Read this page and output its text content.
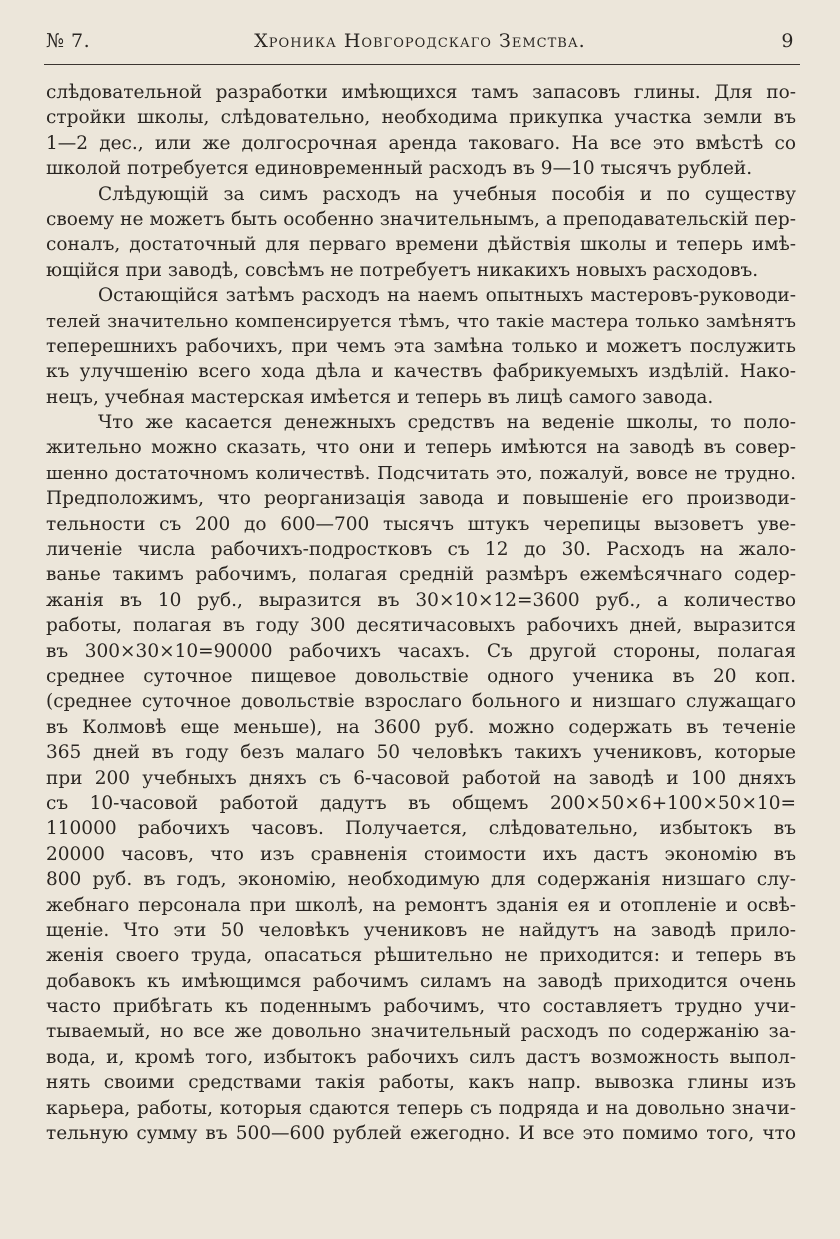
№ 7.	Хроника Новгородскаго Земства.	9
слѣдовательной разработки имѣющихся тамъ запасовъ глины. Для по-
стройки школы, слѣдовательно, необходима прикупка участка земли въ
1—2 дес., или же долгосрочная аренда таковаго. На все это вмѣстѣ со
школой потребуется единовременный расходъ въ 9—10 тысячъ рублей.
Слѣдующій за симъ расходъ на учебныя пособія и по существу
своему не можетъ быть особенно значительнымъ, а преподавательскій пер-
соналъ, достаточный для перваго времени дѣйствія школы и теперь имѣ-
ющійся при заводѣ, совсѣмъ не потребуетъ никакихъ новыхъ расходовъ.
Остающійся затѣмъ расходъ на наемъ опытныхъ мастеровъ-руководи-
телей значительно компенсируется тѣмъ, что такіе мастера только замѣнятъ
теперешнихъ рабочихъ, при чемъ эта замѣна только и можетъ послужить
къ улучшенію всего хода дѣла и качествъ фабрикуемыхъ издѣлій. Нако-
нецъ, учебная мастерская имѣется и теперь въ лицѣ самого завода.
Что же касается денежныхъ средствъ на веденіе школы, то поло-
жительно можно сказать, что они и теперь имѣются на заводѣ въ совер-
шенно достаточномъ количествѣ. Подсчитать это, пожалуй, вовсе не трудно.
Предположимъ, что реорганизація завода и повышеніе его производи-
тельности съ 200 до 600—700 тысячъ штукъ черепицы вызоветъ уве-
личеніе числа рабочихъ-подростковъ съ 12 до 30. Расходъ на жало-
ванье такимъ рабочимъ, полагая средній размѣръ ежемѣсячнаго содер-
жанія въ 10 руб., выразится въ 30×10×12=3600 руб., а количество
работы, полагая въ году 300 десятичасовыхъ рабочихъ дней, выразится
въ 300×30×10=90000 рабочихъ часахъ. Съ другой стороны, полагая
среднее суточное пищевое довольствіе одного ученика въ 20 коп.
(среднее суточное довольствіе взрослаго больного и низшаго служащаго
въ Колмовѣ еще меньше), на 3600 руб. можно содержать въ теченіе
365 дней въ году безъ малаго 50 человѣкъ такихъ учениковъ, которые
при 200 учебныхъ дняхъ съ 6-часовой работой на заводѣ и 100 дняхъ
съ 10-часовой работой дадутъ въ общемъ 200×50×6+100×50×10=
110000 рабочихъ часовъ. Получается, слѣдовательно, избытокъ въ
20000 часовъ, что изъ сравненія стоимости ихъ дастъ экономію въ
800 руб. въ годъ, экономію, необходимую для содержанія низшаго слу-
жебнаго персонала при школѣ, на ремонтъ зданія ея и отопленіе и освѣ-
щеніе. Что эти 50 человѣкъ учениковъ не найдутъ на заводѣ прило-
женія своего труда, опасаться рѣшительно не приходится: и теперь въ
добавокъ къ имѣющимся рабочимъ силамъ на заводѣ приходится очень
часто прибѣгать къ поденнымъ рабочимъ, что составляетъ трудно учи-
тываемый, но все же довольно значительный расходъ по содержанію за-
вода, и, кромѣ того, избытокъ рабочихъ силъ дастъ возможность выпол-
нять своими средствами такія работы, какъ напр. вывозка глины изъ
карьера, работы, которыя сдаются теперь съ подряда и на довольно значи-
тельную сумму въ 500—600 рублей ежегодно. И все это помимо того, что
